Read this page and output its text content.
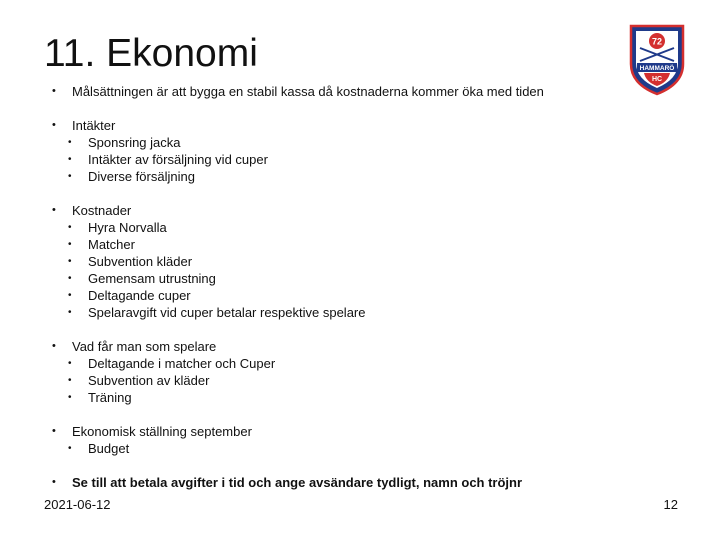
11. Ekonomi	72
HAMMARÖ
HC
• Målsättningen är att bygga en stabil kassa då kostnaderna kommer öka med tiden
• Intäkter
• Sponsring jacka
• Intäkter av försäljning vid cuper
• Diverse försäljning
• Kostnader
• Hyra Norvalla
• Matcher
• Subvention kläder
• Gemensam utrustning
• Deltagande cuper
• Spelaravgift vid cuper betalar respektive spelare
• Vad får man som spelare
• Deltagande i matcher och Cuper
• Subvention av kläder
• Träning
• Ekonomisk ställning september
• Budget
• Se till att betala avgifter i tid och ange avsändare tydligt, namn och tröjnr
2021-06-12	12
